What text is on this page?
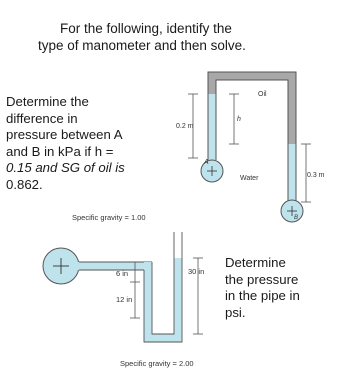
For the following, identify the
type of manometer and then solve.
Determine the
difference in
pressure between A
and B in kPa if h =
0.15 and SG of oil is
0.862.
Determine
the pressure
in the pipe in
psi.
A
B
Oil
Water
0.2 m
h
0.3 m
Specific gravity = 1.00
6 in
12 in
30 in
Specific gravity = 2.00
